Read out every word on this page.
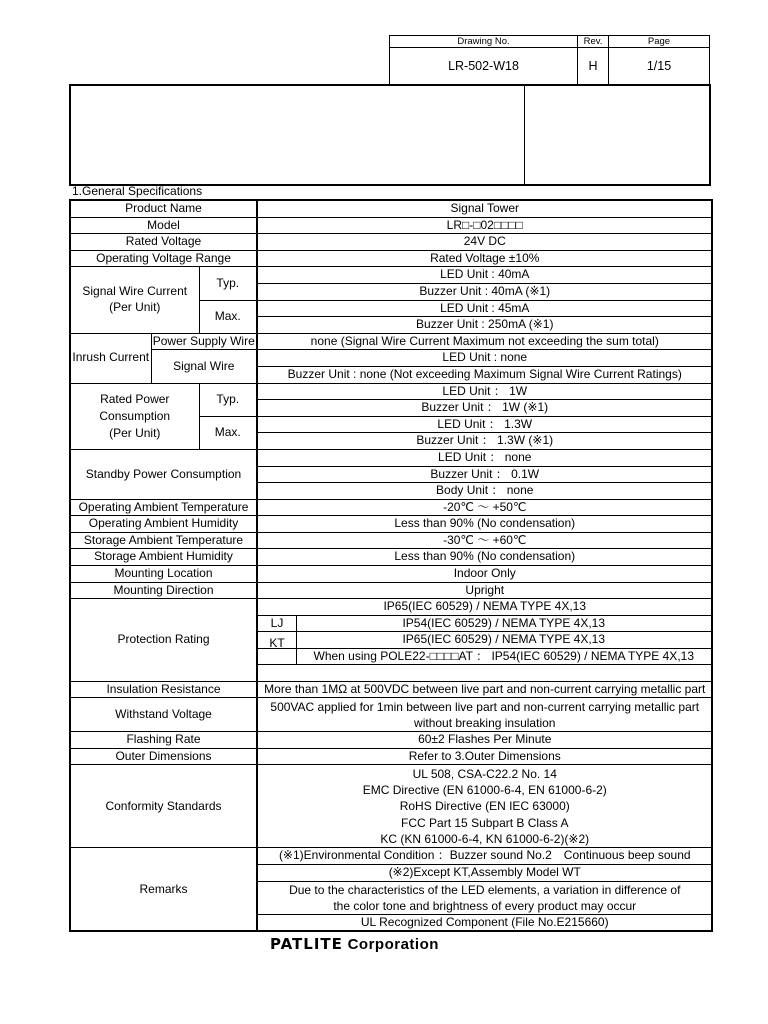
Drawing No.	Rev.	Page
LR-502-W18	H	1/15
1.General Specifications
Product Name			Signal Tower	
Model			LR□-□02□□□□	
Rated Voltage			24V DC	
Operating Voltage Range			Rated Voltage ±10%	
Signal Wire Current
(Per Unit)		Typ.	LED Unit : 40mA	
			Buzzer Unit : 40mA (※1)	
		Max.	LED Unit : 45mA	
			Buzzer Unit : 250mA (※1)	
Inrush Current	Power Supply Wire		none (Signal Wire Current Maximum not exceeding the sum total)	
	Signal Wire		LED Unit : none	
			Buzzer Unit : none (Not exceeding Maximum Signal Wire Current Ratings)	
Rated Power
Consumption
(Per Unit)		Typ.	LED Unit ： 1W	
			Buzzer Unit ： 1W (※1)	
		Max.	LED Unit ： 1.3W	
			Buzzer Unit ： 1.3W (※1)	
Standby Power Consumption			LED Unit ： none	
			Buzzer Unit ： 0.1W	
			Body Unit ： none	
Operating Ambient Temperature			-20℃ ～ +50℃	
Operating Ambient Humidity			Less than 90% (No condensation)	
Storage Ambient Temperature			-30℃ ～ +60℃	
Storage Ambient Humidity			Less than 90% (No condensation)	
Mounting Location			Indoor Only	
Mounting Direction			Upright	
Protection Rating			IP65(IEC 60529) / NEMA TYPE 4X,13	

			LJ IP54(IEC 60529) / NEMA TYPE 4X,13	

			KT IP65(IEC 60529) / NEMA TYPE 4X,13
When using POLE22-□□□□AT ： IP54(IEC 60529) / NEMA TYPE 4X,13	

Insulation Resistance			More than 1MΩ at 500VDC between live part and non-current carrying metallic part	
Withstand Voltage			500VAC applied for 1min between live part and non-current carrying metallic part
without breaking insulation	

Flashing Rate			60±2 Flashes Per Minute	
Outer Dimensions			Refer to 3.Outer Dimensions	
Conformity Standards			UL 508, CSA-C22.2 No. 14
EMC Directive (EN 61000-6-4, EN 61000-6-2)
RoHS Directive (EN IEC 63000)
FCC Part 15 Subpart B Class A
KC (KN 61000-6-4, KN 61000-6-2)(※2)	

Remarks			(※1)Environmental Condition ：Buzzer sound No.2　Continuous beep sound	
			(※2)Except KT,Assembly Model WT	

			Due to the characteristics of the LED elements, a variation in difference of
the color tone and brightness of every product may occur	

			UL Recognized Component (File No.E215660)	
PATLITE Corporation
